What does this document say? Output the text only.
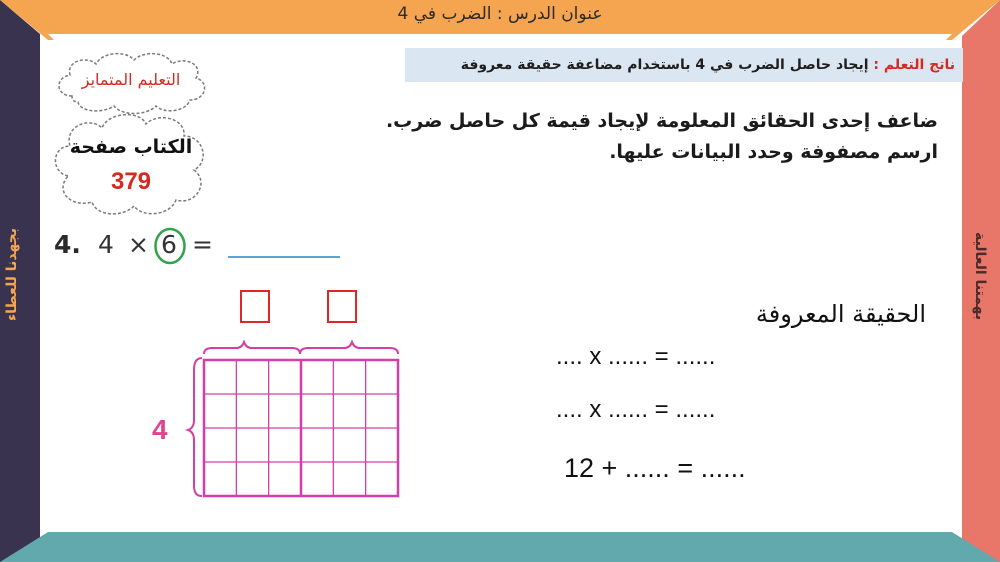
عنوان الدرس : الضرب في 4
ناتج التعلم : إيجاد حاصل الضرب في 4 باستخدام مضاعفة حقيقة معروفة
ضاعف إحدى الحقائق المعلومة لإيجاد قيمة كل حاصل ضرب.
ارسم مصفوفة وحدد البيانات عليها.
التعليم المتمايز
الكتاب صفحة
379
بجهدنا للعطاء	بهمتنا العالية
4. 4 × 6 =
4
الحقيقة المعروفة
.... x ...... = ......
.... x ...... = ......
12 + ...... = ......
